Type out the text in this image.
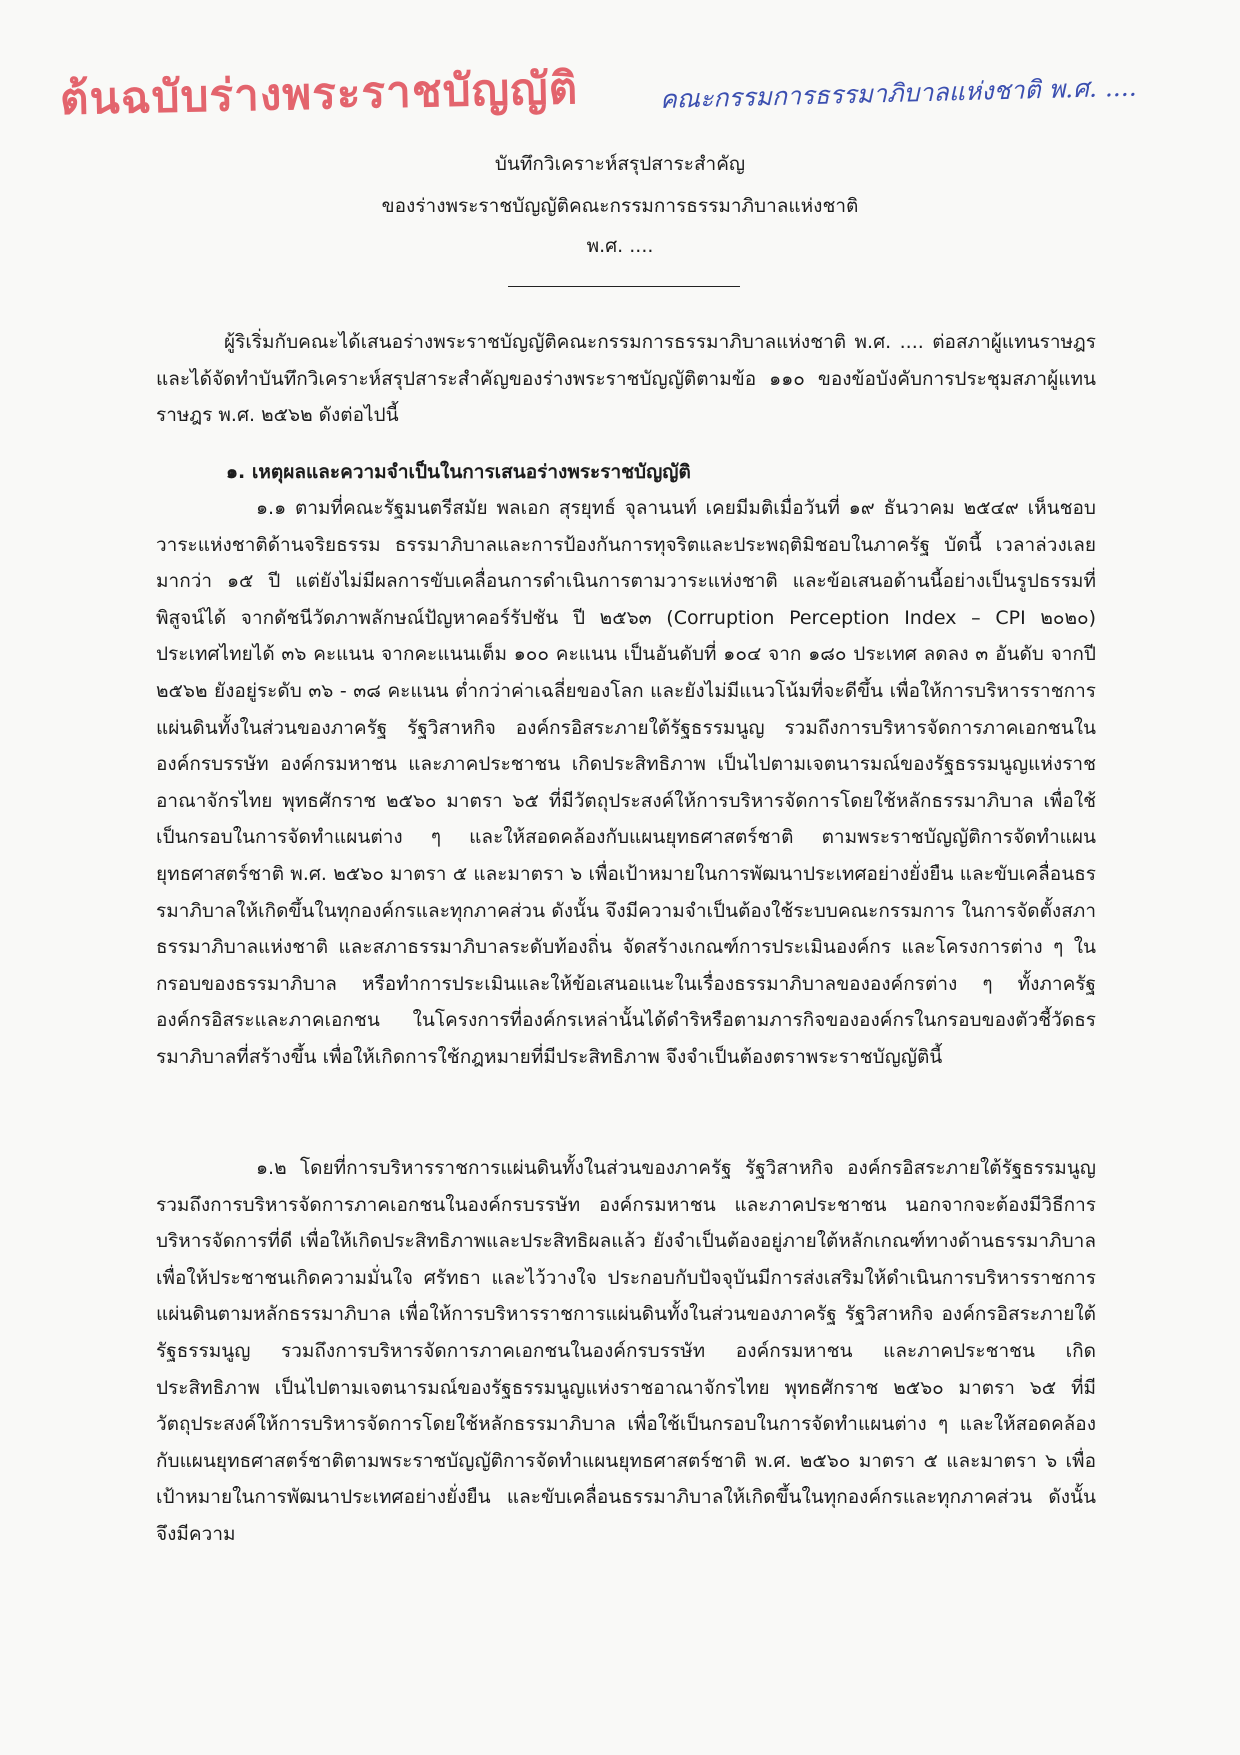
ต้นฉบับร่างพระราชบัญญัติ	คณะกรรมการธรรมาภิบาลแห่งชาติ พ.ศ. ....
บันทึกวิเคราะห์สรุปสาระสำคัญ
ของร่างพระราชบัญญัติคณะกรรมการธรรมาภิบาลแห่งชาติ
พ.ศ. ....

ผู้ริเริ่มกับคณะได้เสนอร่างพระราชบัญญัติคณะกรรมการธรรมาภิบาลแห่งชาติ พ.ศ. .... ต่อสภาผู้แทนราษฎร และได้จัดทำบันทึกวิเคราะห์สรุปสาระสำคัญของร่างพระราชบัญญัติตามข้อ ๑๑๐ ของข้อบังคับการประชุมสภาผู้แทนราษฎร พ.ศ. ๒๕๖๒ ดังต่อไปนี้

๑. เหตุผลและความจำเป็นในการเสนอร่างพระราชบัญญัติ

๑.๑ ตามที่คณะรัฐมนตรีสมัย พลเอก สุรยุทธ์ จุลานนท์ เคยมีมติเมื่อวันที่ ๑๙ ธันวาคม ๒๕๔๙ เห็นชอบวาระแห่งชาติด้านจริยธรรม ธรรมาภิบาลและการป้องกันการทุจริตและประพฤติมิชอบในภาครัฐ บัดนี้ เวลาล่วงเลยมากว่า ๑๕ ปี แต่ยังไม่มีผลการขับเคลื่อนการดำเนินการตามวาระแห่งชาติ และข้อเสนอด้านนี้อย่างเป็นรูปธรรมที่พิสูจน์ได้ จากดัชนีวัดภาพลักษณ์ปัญหาคอร์รัปชัน ปี ๒๕๖๓ (Corruption Perception Index – CPI ๒๐๒๐) ประเทศไทยได้ ๓๖ คะแนน จากคะแนนเต็ม ๑๐๐ คะแนน เป็นอันดับที่ ๑๐๔ จาก ๑๘๐ ประเทศ ลดลง ๓ อันดับ จากปี ๒๕๖๒ ยังอยู่ระดับ ๓๖ - ๓๘ คะแนน ต่ำกว่าค่าเฉลี่ยของโลก และยังไม่มีแนวโน้มที่จะดีขึ้น เพื่อให้การบริหารราชการแผ่นดินทั้งในส่วนของภาครัฐ รัฐวิสาหกิจ องค์กรอิสระภายใต้รัฐธรรมนูญ รวมถึงการบริหารจัดการภาคเอกชนในองค์กรบรรษัท องค์กรมหาชน และภาคประชาชน เกิดประสิทธิภาพ เป็นไปตามเจตนารมณ์ของรัฐธรรมนูญแห่งราชอาณาจักรไทย พุทธศักราช ๒๕๖๐ มาตรา ๖๕ ที่มีวัตถุประสงค์ให้การบริหารจัดการโดยใช้หลักธรรมาภิบาล เพื่อใช้เป็นกรอบในการจัดทำแผนต่าง ๆ และให้สอดคล้องกับแผนยุทธศาสตร์ชาติ ตามพระราชบัญญัติการจัดทำแผนยุทธศาสตร์ชาติ พ.ศ. ๒๕๖๐ มาตรา ๕ และมาตรา ๖ เพื่อเป้าหมายในการพัฒนาประเทศอย่างยั่งยืน และขับเคลื่อนธรรมาภิบาลให้เกิดขึ้นในทุกองค์กรและทุกภาคส่วน ดังนั้น จึงมีความจำเป็นต้องใช้ระบบคณะกรรมการ ในการจัดตั้งสภาธรรมาภิบาลแห่งชาติ และสภาธรรมาภิบาลระดับท้องถิ่น จัดสร้างเกณฑ์การประเมินองค์กร และโครงการต่าง ๆ ในกรอบของธรรมาภิบาล หรือทำการประเมินและให้ข้อเสนอแนะในเรื่องธรรมาภิบาลขององค์กรต่าง ๆ ทั้งภาครัฐ องค์กรอิสระและภาคเอกชน ในโครงการที่องค์กรเหล่านั้นได้ดำริหรือตามภารกิจขององค์กรในกรอบของตัวชี้วัดธรรมาภิบาลที่สร้างขึ้น เพื่อให้เกิดการใช้กฎหมายที่มีประสิทธิภาพ จึงจำเป็นต้องตราพระราชบัญญัตินี้

๑.๒ โดยที่การบริหารราชการแผ่นดินทั้งในส่วนของภาครัฐ รัฐวิสาหกิจ องค์กรอิสระภายใต้รัฐธรรมนูญ รวมถึงการบริหารจัดการภาคเอกชนในองค์กรบรรษัท องค์กรมหาชน และภาคประชาชน นอกจากจะต้องมีวิธีการบริหารจัดการที่ดี เพื่อให้เกิดประสิทธิภาพและประสิทธิผลแล้ว ยังจำเป็นต้องอยู่ภายใต้หลักเกณฑ์ทางด้านธรรมาภิบาล เพื่อให้ประชาชนเกิดความมั่นใจ ศรัทธา และไว้วางใจ ประกอบกับปัจจุบันมีการส่งเสริมให้ดำเนินการบริหารราชการแผ่นดินตามหลักธรรมาภิบาล เพื่อให้การบริหารราชการแผ่นดินทั้งในส่วนของภาครัฐ รัฐวิสาหกิจ องค์กรอิสระภายใต้รัฐธรรมนูญ รวมถึงการบริหารจัดการภาคเอกชนในองค์กรบรรษัท องค์กรมหาชน และภาคประชาชน เกิดประสิทธิภาพ เป็นไปตามเจตนารมณ์ของรัฐธรรมนูญแห่งราชอาณาจักรไทย พุทธศักราช ๒๕๖๐ มาตรา ๖๕ ที่มีวัตถุประสงค์ให้การบริหารจัดการโดยใช้หลักธรรมาภิบาล เพื่อใช้เป็นกรอบในการจัดทำแผนต่าง ๆ และให้สอดคล้องกับแผนยุทธศาสตร์ชาติตามพระราชบัญญัติการจัดทำแผนยุทธศาสตร์ชาติ พ.ศ. ๒๕๖๐ มาตรา ๕ และมาตรา ๖ เพื่อเป้าหมายในการพัฒนาประเทศอย่างยั่งยืน และขับเคลื่อนธรรมาภิบาลให้เกิดขึ้นในทุกองค์กรและทุกภาคส่วน ดังนั้น จึงมีความ
